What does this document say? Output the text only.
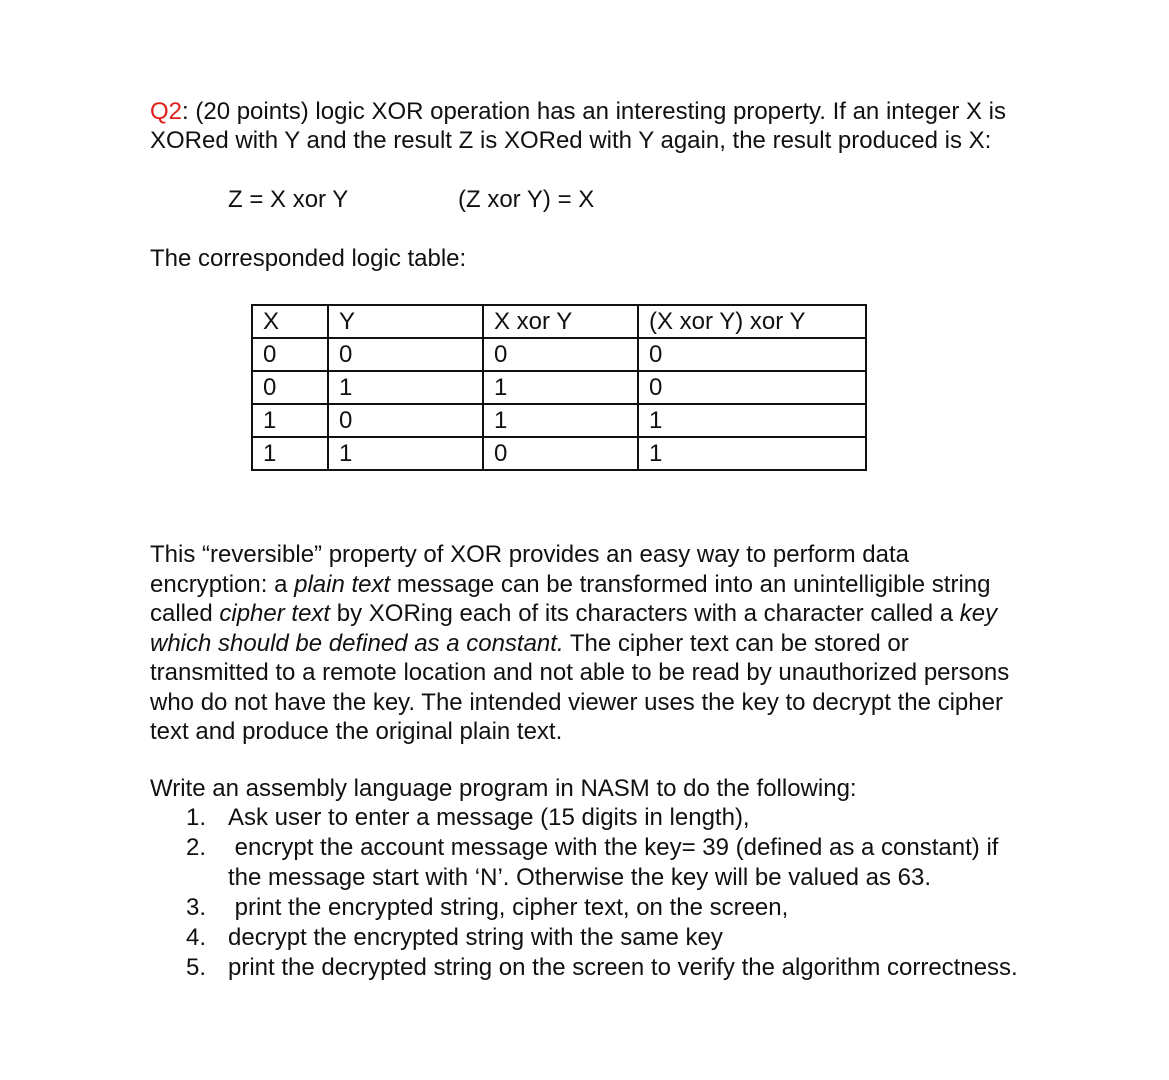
Q2: (20 points) logic XOR operation has an interesting property. If an integer X is
XORed with Y and the result Z is XORed with Y again, the result produced is X:
Z = X xor Y	(Z xor Y) = X
The corresponded logic table:
X	Y	X xor Y	(X xor Y) xor Y
0	0	0	0
0	1	1	0
1	0	1	1
1	1	0	1

This “reversible” property of XOR provides an easy way to perform data

encryption: a plain text message can be transformed into an unintelligible string

called cipher text by XORing each of its characters with a character called a key

which should be defined as a constant. The cipher text can be stored or

transmitted to a remote location and not able to be read by unauthorized persons

who do not have the key. The intended viewer uses the key to decrypt the cipher

text and produce the original plain text.

Write an assembly language program in NASM to do the following:
1. Ask user to enter a message (15 digits in length),
2. encrypt the account message with the key= 39 (defined as a constant) if
the message start with ‘N’. Otherwise the key will be valued as 63.
3. print the encrypted string, cipher text, on the screen,
4. decrypt the encrypted string with the same key
5. print the decrypted string on the screen to verify the algorithm correctness.
